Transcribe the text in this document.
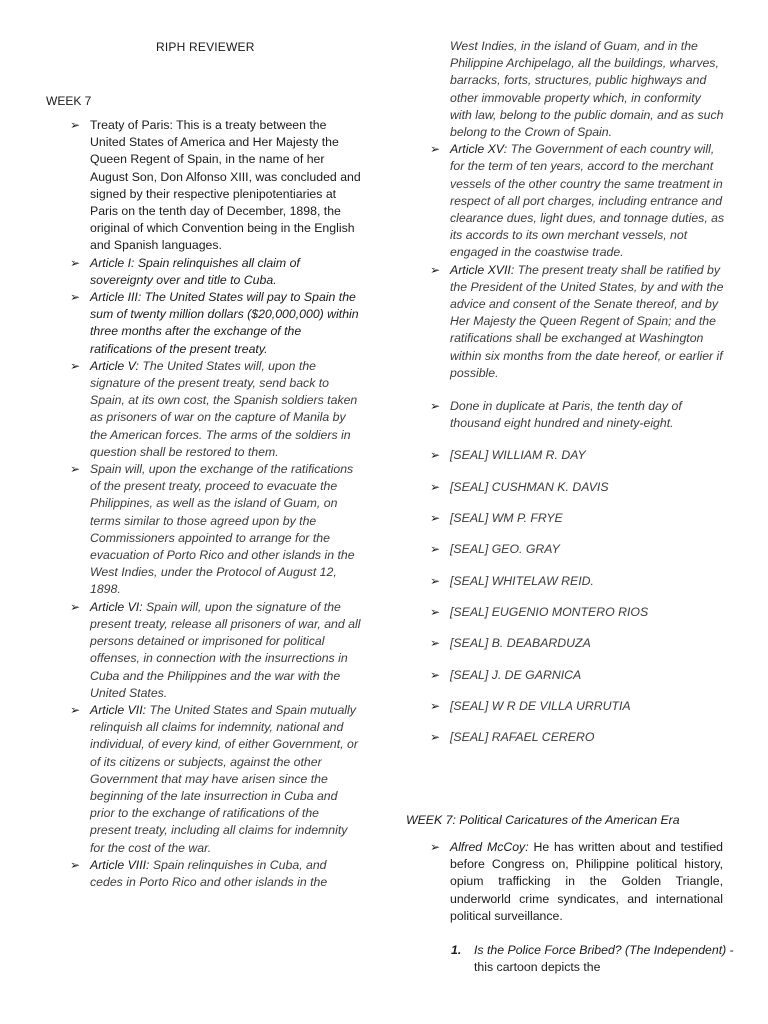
RIPH REVIEWER
WEEK 7
➢ Treaty of Paris: This is a treaty between the United States of America and Her Majesty the Queen Regent of Spain, in the name of her August Son, Don Alfonso XIII, was concluded and signed by their respective plenipotentiaries at Paris on the tenth day of December, 1898, the original of which Convention being in the English and Spanish languages.
➢ Article I: Spain relinquishes all claim of sovereignty over and title to Cuba.
➢ Article III: The United States will pay to Spain the sum of twenty million dollars ($20,000,000) within three months after the exchange of the ratifications of the present treaty.
➢ Article V: The United States will, upon the signature of the present treaty, send back to Spain, at its own cost, the Spanish soldiers taken as prisoners of war on the capture of Manila by the American forces. The arms of the soldiers in question shall be restored to them.
➢ Spain will, upon the exchange of the ratifications of the present treaty, proceed to evacuate the Philippines, as well as the island of Guam, on terms similar to those agreed upon by the Commissioners appointed to arrange for the evacuation of Porto Rico and other islands in the West Indies, under the Protocol of August 12, 1898.
➢ Article VI: Spain will, upon the signature of the present treaty, release all prisoners of war, and all persons detained or imprisoned for political offenses, in connection with the insurrections in Cuba and the Philippines and the war with the United States.
➢ Article VII: The United States and Spain mutually relinquish all claims for indemnity, national and individual, of every kind, of either Government, or of its citizens or subjects, against the other Government that may have arisen since the beginning of the late insurrection in Cuba and prior to the exchange of ratifications of the present treaty, including all claims for indemnity for the cost of the war.
➢ Article VIII: Spain relinquishes in Cuba, and cedes in Porto Rico and other islands in the
West Indies, in the island of Guam, and in the Philippine Archipelago, all the buildings, wharves, barracks, forts, structures, public highways and other immovable property which, in conformity with law, belong to the public domain, and as such belong to the Crown of Spain.
➢ Article XV: The Government of each country will, for the term of ten years, accord to the merchant vessels of the other country the same treatment in respect of all port charges, including entrance and clearance dues, light dues, and tonnage duties, as its accords to its own merchant vessels, not engaged in the coastwise trade.
➢ Article XVII: The present treaty shall be ratified by the President of the United States, by and with the advice and consent of the Senate thereof, and by Her Majesty the Queen Regent of Spain; and the ratifications shall be exchanged at Washington within six months from the date hereof, or earlier if possible.
➢ Done in duplicate at Paris, the tenth day of thousand eight hundred and ninety-eight.
➢ [SEAL] WILLIAM R. DAY
➢ [SEAL] CUSHMAN K. DAVIS
➢ [SEAL] WM P. FRYE
➢ [SEAL] GEO. GRAY
➢ [SEAL] WHITELAW REID.
➢ [SEAL] EUGENIO MONTERO RIOS
➢ [SEAL] B. DEABARDUZA
➢ [SEAL] J. DE GARNICA
➢ [SEAL] W R DE VILLA URRUTIA
➢ [SEAL] RAFAEL CERERO
WEEK 7: Political Caricatures of the American Era
➢ Alfred McCoy: He has written about and testified before Congress on, Philippine political history, opium trafficking in the Golden Triangle, underworld crime syndicates, and international political surveillance.
1. Is the Police Force Bribed? (The Independent) - this cartoon depicts the
